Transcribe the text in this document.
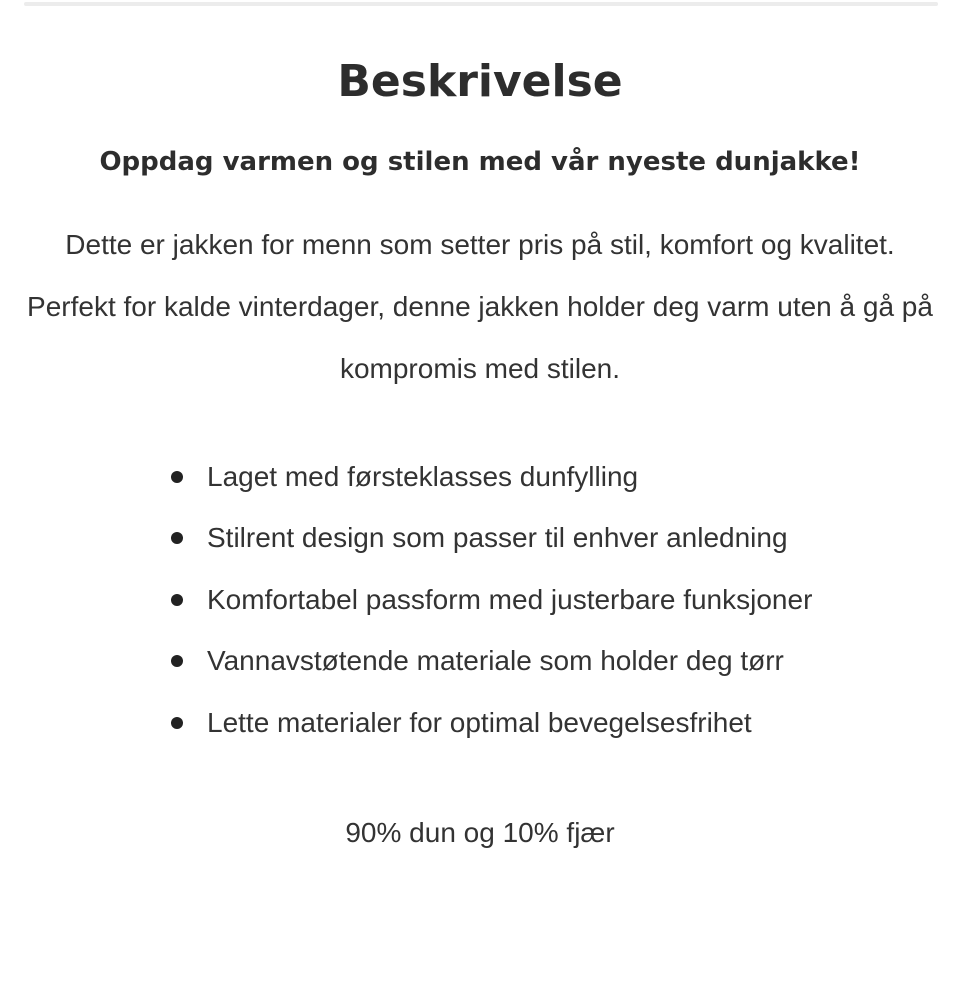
Beskrivelse

Oppdag varmen og stilen med vår nyeste dunjakke!

Dette er jakken for menn som setter pris på stil, komfort og kvalitet. Perfekt for kalde vinterdager, denne jakken holder deg varm uten å gå på kompromis med stilen.

Laget med førsteklasses dunfylling
Stilrent design som passer til enhver anledning
Komfortabel passform med justerbare funksjoner
Vannavstøtende materiale som holder deg tørr
Lette materialer for optimal bevegelsesfrihet

90% dun og 10% fjær
